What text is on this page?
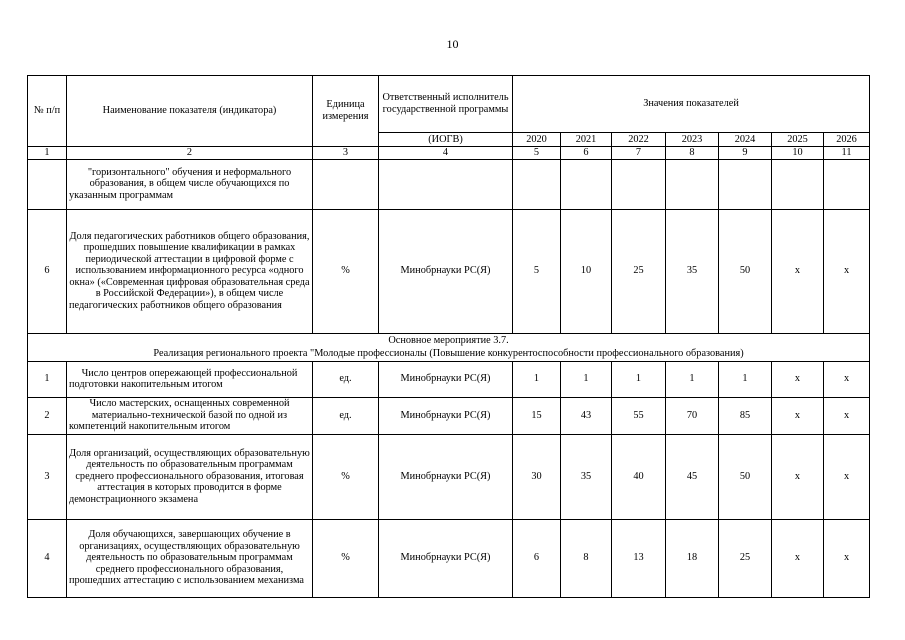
10
№ п/п	Наименование показателя (индикатора)	Единица измерения	Ответственный исполнитель государственной программы	Значения показателей						
			(ИОГВ)	2020	2021	2022	2023	2024	2025	2026
1	2	3	4	5	6	7	8	9	10	11
	"горизонтального" обучения и неформального образования, в общем числе обучающихся по указанным программам									
6	Доля педагогических работников общего образования, прошедших повышение квалификации в рамках периодической аттестации в цифровой форме с использованием информационного ресурса «одного окна» («Современная цифровая образовательная среда в Российской Федерации»), в общем числе педагогических работников общего образования	%	Минобрнауки РС(Я)	5	10	25	35	50	x	x

Основное мероприятие 3.7.
Реализация регионального проекта "Молодые профессионалы (Повышение конкурентоспособности профессионального образования)										

1	Число центров опережающей профессиональной подготовки накопительным итогом	ед.	Минобрнауки РС(Я)	1	1	1	1	1	x	x
2	Число мастерских, оснащенных современной материально-технической базой по одной из компетенций накопительным итогом	ед.	Минобрнауки РС(Я)	15	43	55	70	85	x	x
3	Доля организаций, осуществляющих образовательную деятельность по образовательным программам среднего профессионального образования, итоговая аттестация в которых проводится в форме демонстрационного экзамена	%	Минобрнауки РС(Я)	30	35	40	45	50	x	x
4	Доля обучающихся, завершающих обучение в организациях, осуществляющих образовательную деятельность по образовательным программам среднего профессионального образования, прошедших аттестацию с использованием механизма	%	Минобрнауки РС(Я)	6	8	13	18	25	x	x
